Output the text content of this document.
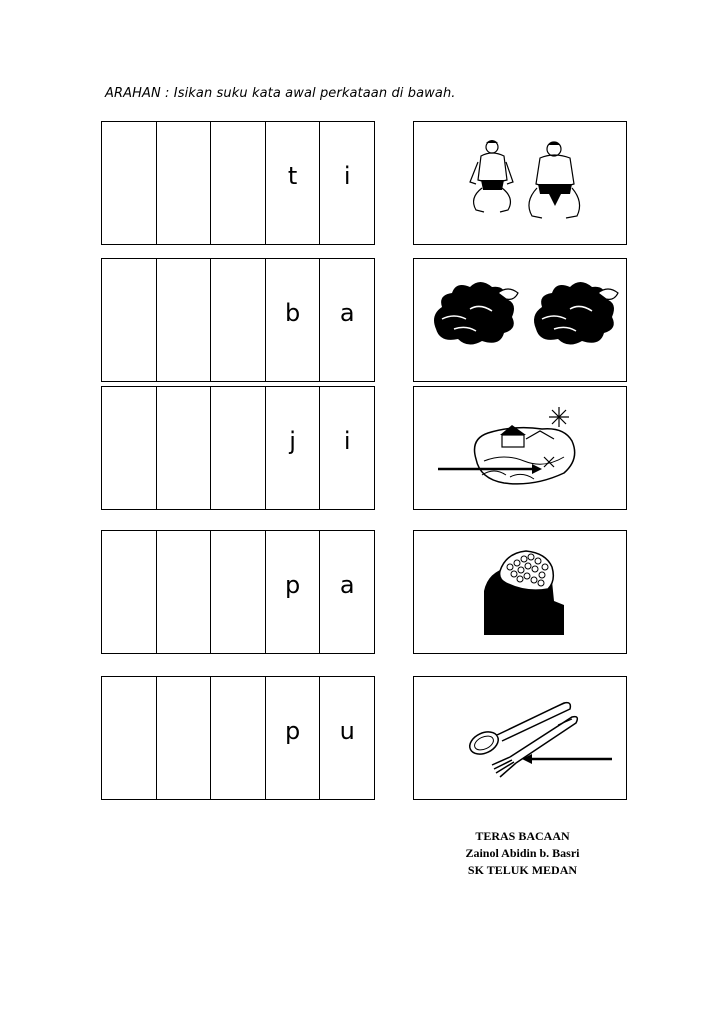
ARAHAN : Isikan suku kata awal perkataan di bawah.
t	i
b	a
j	i
p	a
p	u
TERAS BACAAN
Zainol Abidin b. Basri
SK TELUK MEDAN
